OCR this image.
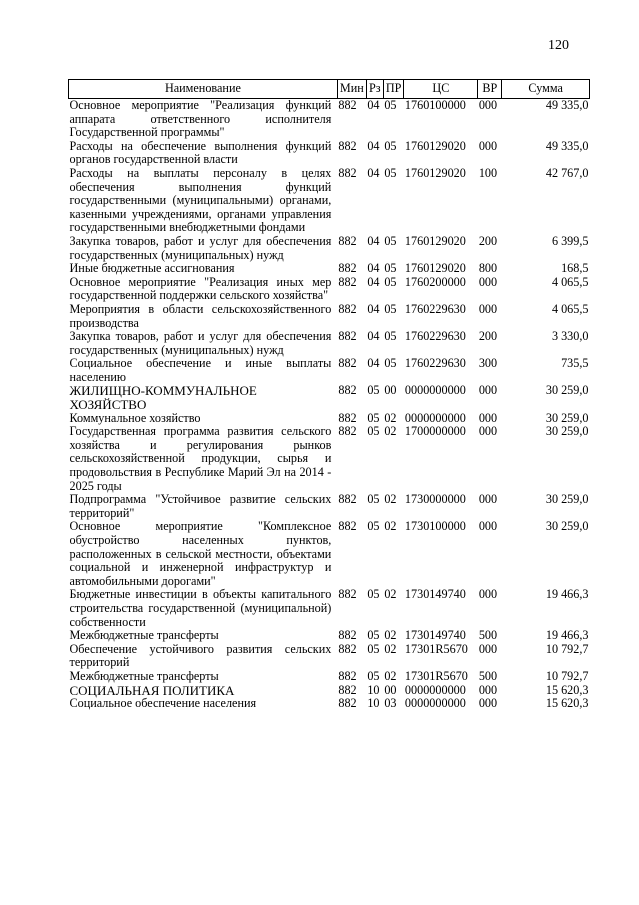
120
Наименование	Мин	Рз	ПР	ЦС	ВР	Сумма
Основное мероприятие "Реализация функций аппарата ответственного исполнителя Государственной программы"	882	04	05	1760100000	000	49 335,0
Расходы на обеспечение выполнения функций органов государственной власти	882	04	05	1760129020	000	49 335,0
Расходы на выплаты персоналу в целях обеспечения выполнения функций государственными (муниципальными) органами, казенными учреждениями, органами управления государственными внебюджетными фондами	882	04	05	1760129020	100	42 767,0
Закупка товаров, работ и услуг для обеспечения государственных (муниципальных) нужд	882	04	05	1760129020	200	6 399,5
Иные бюджетные ассигнования	882	04	05	1760129020	800	168,5
Основное мероприятие "Реализация иных мер государственной поддержки сельского хозяйства"	882	04	05	1760200000	000	4 065,5
Мероприятия в области сельскохозяйственного производства	882	04	05	1760229630	000	4 065,5
Закупка товаров, работ и услуг для обеспечения государственных (муниципальных) нужд	882	04	05	1760229630	200	3 330,0
Социальное обеспечение и иные выплаты населению	882	04	05	1760229630	300	735,5
ЖИЛИЩНО-КОММУНАЛЬНОЕ ХОЗЯЙСТВО	882	05	00	0000000000	000	30 259,0
Коммунальное хозяйство	882	05	02	0000000000	000	30 259,0
Государственная программа развития сельского хозяйства и регулирования рынков сельскохозяйственной продукции, сырья и продовольствия в Республике Марий Эл на 2014 - 2025 годы	882	05	02	1700000000	000	30 259,0
Подпрограмма "Устойчивое развитие сельских территорий"	882	05	02	1730000000	000	30 259,0
Основное мероприятие "Комплексное обустройство населенных пунктов, расположенных в сельской местности, объектами социальной и инженерной инфраструктур и автомобильными дорогами"	882	05	02	1730100000	000	30 259,0
Бюджетные инвестиции в объекты капитального строительства государственной (муниципальной) собственности	882	05	02	1730149740	000	19 466,3
Межбюджетные трансферты	882	05	02	1730149740	500	19 466,3
Обеспечение устойчивого развития сельских территорий	882	05	02	17301R5670	000	10 792,7
Межбюджетные трансферты	882	05	02	17301R5670	500	10 792,7
СОЦИАЛЬНАЯ ПОЛИТИКА	882	10	00	0000000000	000	15 620,3
Социальное обеспечение населения	882	10	03	0000000000	000	15 620,3
